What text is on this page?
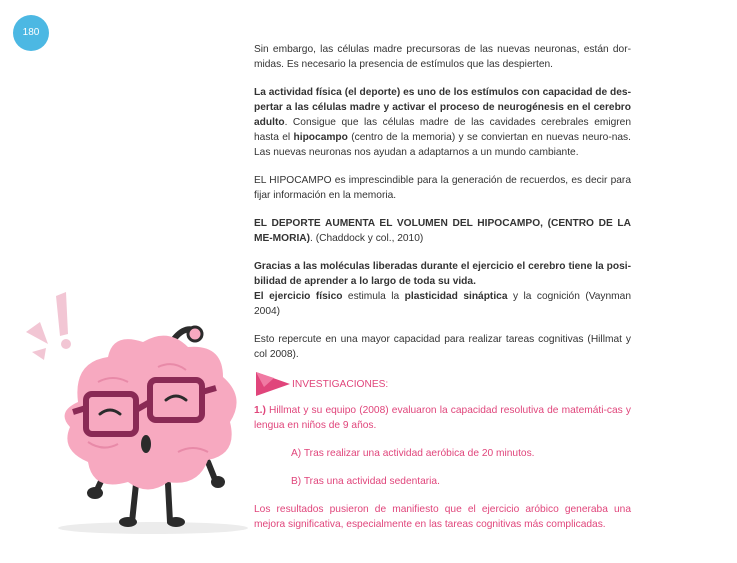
180

Sin embargo, las células madre precursoras de las nuevas neuronas, están dor-midas. Es necesario la presencia de estímulos que las despierten.

La actividad física (el deporte) es uno de los estímulos con capacidad de des-pertar a las células madre y activar el proceso de neurogénesis en el cerebro adulto. Consigue que las células madre de las cavidades cerebrales emigren hasta el hipocampo (centro de la memoria) y se conviertan en nuevas neuro-nas. Las nuevas neuronas nos ayudan a adaptarnos a un mundo cambiante.

EL HIPOCAMPO es imprescindible para la generación de recuerdos, es decir para fijar información en la memoria.

EL DEPORTE AUMENTA EL VOLUMEN DEL HIPOCAMPO, (CENTRO DE LA ME-MORIA). (Chaddock y col., 2010)

Gracias a las moléculas liberadas durante el ejercicio el cerebro tiene la posi-bilidad de aprender a lo largo de toda su vida.
El ejercicio físico estimula la plasticidad sináptica y la cognición (Vaynman 2004)

Esto repercute en una mayor capacidad para realizar tareas cognitivas (Hillmat y col 2008).

INVESTIGACIONES:

1.) Hillmat y su equipo (2008) evaluaron la capacidad resolutiva de matemáti-cas y lengua en niños de 9 años.

A) Tras realizar una actividad aeróbica de 20 minutos.

B) Tras una actividad sedentaria.

Los resultados pusieron de manifiesto que el ejercicio aróbico generaba una mejora significativa, especialmente en las tareas cognitivas más complicadas.
